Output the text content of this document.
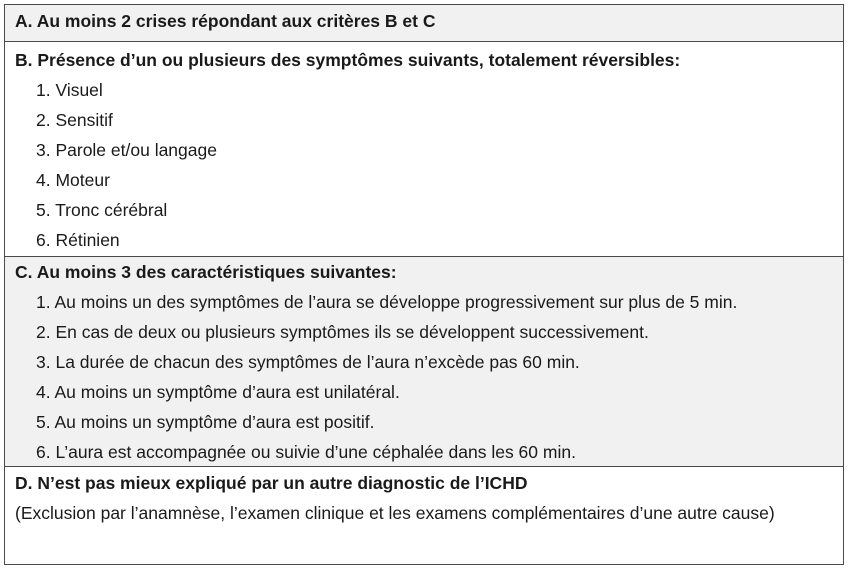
A. Au moins 2 crises répondant aux critères B et C
B. Présence d’un ou plusieurs des symptômes suivants, totalement réversibles:
1. Visuel
2. Sensitif
3. Parole et/ou langage
4. Moteur
5. Tronc cérébral
6. Rétinien
C. Au moins 3 des caractéristiques suivantes:
1. Au moins un des symptômes de l’aura se développe progressivement sur plus de 5 min.
2. En cas de deux ou plusieurs symptômes ils se développent successivement.
3. La durée de chacun des symptômes de l’aura n’excède pas 60 min.
4. Au moins un symptôme d’aura est unilatéral.
5. Au moins un symptôme d’aura est positif.
6. L’aura est accompagnée ou suivie d’une céphalée dans les 60 min.
D. N’est pas mieux expliqué par un autre diagnostic de l’ICHD
(Exclusion par l’anamnèse, l’examen clinique et les examens complémentaires d’une autre cause)
